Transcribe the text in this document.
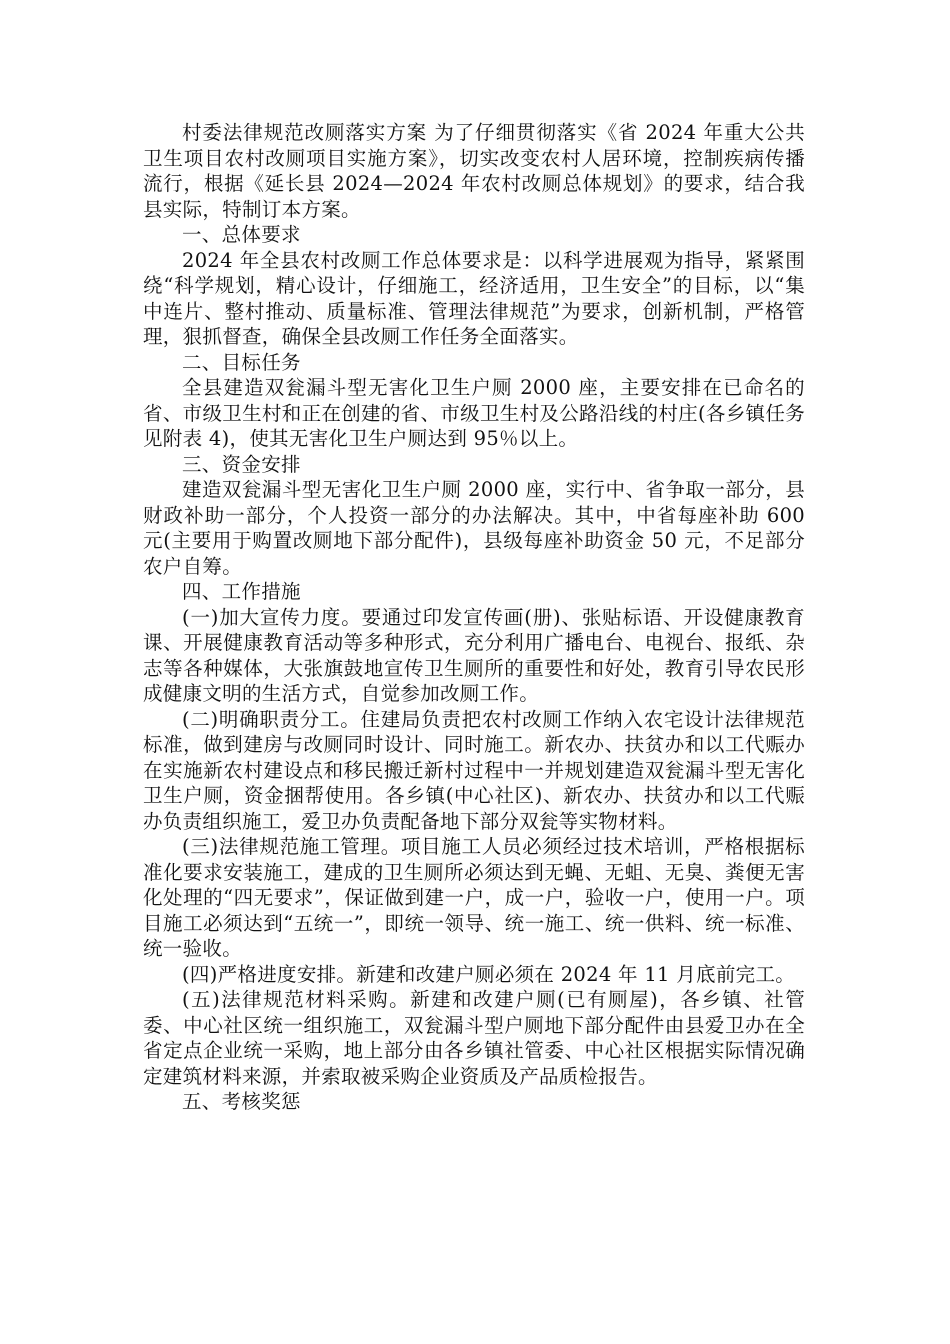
村委法律规范改厕落实方案 为了仔细贯彻落实《省 2024 年重大公共卫生项目农村改厕项目实施方案》，切实改变农村人居环境，控制疾病传播流行，根据《延长县 2024—2024 年农村改厕总体规划》的要求，结合我县实际，特制订本方案。

一、总体要求

2024 年全县农村改厕工作总体要求是：以科学进展观为指导，紧紧围绕“科学规划，精心设计，仔细施工，经济适用，卫生安全”的目标，以“集中连片、整村推动、质量标准、管理法律规范”为要求，创新机制，严格管理，狠抓督查，确保全县改厕工作任务全面落实。

二、目标任务

全县建造双瓮漏斗型无害化卫生户厕 2000 座，主要安排在已命名的省、市级卫生村和正在创建的省、市级卫生村及公路沿线的村庄(各乡镇任务见附表 4)，使其无害化卫生户厕达到 95％以上。

三、资金安排

建造双瓮漏斗型无害化卫生户厕 2000 座，实行中、省争取一部分，县财政补助一部分，个人投资一部分的办法解决。其中，中省每座补助 600 元(主要用于购置改厕地下部分配件)，县级每座补助资金 50 元，不足部分农户自筹。

四、工作措施

(一)加大宣传力度。要通过印发宣传画(册)、张贴标语、开设健康教育课、开展健康教育活动等多种形式，充分利用广播电台、电视台、报纸、杂志等各种媒体，大张旗鼓地宣传卫生厕所的重要性和好处，教育引导农民形成健康文明的生活方式，自觉参加改厕工作。

(二)明确职责分工。住建局负责把农村改厕工作纳入农宅设计法律规范标准，做到建房与改厕同时设计、同时施工。新农办、扶贫办和以工代赈办在实施新农村建设点和移民搬迁新村过程中一并规划建造双瓮漏斗型无害化卫生户厕，资金捆帮使用。各乡镇(中心社区)、新农办、扶贫办和以工代赈办负责组织施工，爱卫办负责配备地下部分双瓮等实物材料。

(三)法律规范施工管理。项目施工人员必须经过技术培训，严格根据标准化要求安装施工，建成的卫生厕所必须达到无蝇、无蛆、无臭、粪便无害化处理的“四无要求”，保证做到建一户，成一户，验收一户，使用一户。项目施工必须达到“五统一”，即统一领导、统一施工、统一供料、统一标准、统一验收。

(四)严格进度安排。新建和改建户厕必须在 2024 年 11 月底前完工。

(五)法律规范材料采购。新建和改建户厕(已有厕屋)，各乡镇、社管委、中心社区统一组织施工，双瓮漏斗型户厕地下部分配件由县爱卫办在全省定点企业统一采购，地上部分由各乡镇社管委、中心社区根据实际情况确定建筑材料来源，并索取被采购企业资质及产品质检报告。

五、考核奖惩
